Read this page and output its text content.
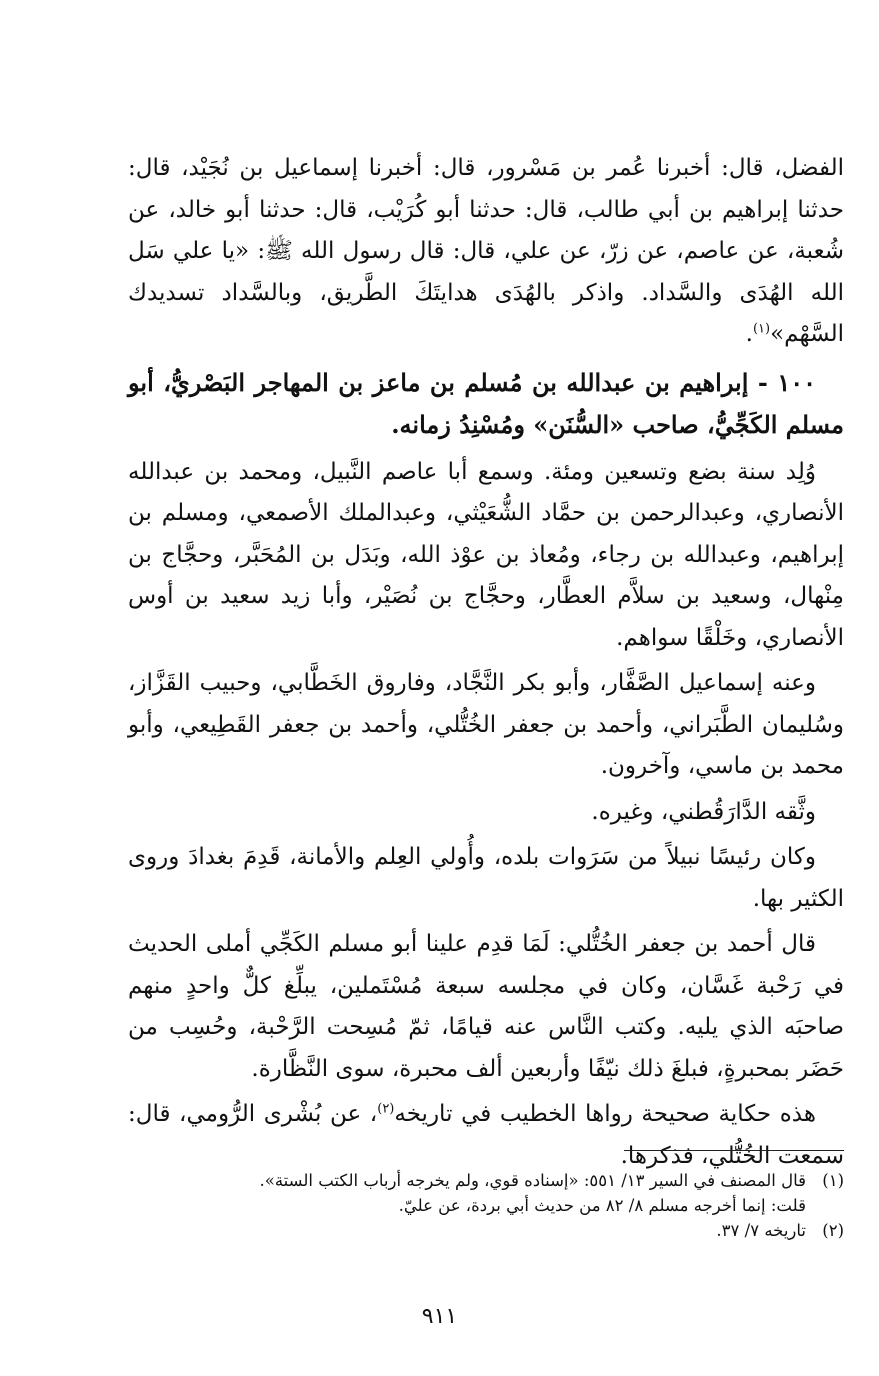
الفضل، قال: أخبرنا عُمر بن مَسْرور، قال: أخبرنا إسماعيل بن نُجَيْد، قال: حدثنا إبراهيم بن أبي طالب، قال: حدثنا أبو كُرَيْب، قال: حدثنا أبو خالد، عن شُعبة، عن عاصم، عن زرّ، عن علي، قال: قال رسول الله ﷺ: «يا علي سَل الله الهُدَى والسَّداد. واذكر بالهُدَى هدايتَكَ الطَّريق، وبالسَّداد تسديدك السَّهْم»$^{(١)}$.

١٠٠ - إبراهيم بن عبدالله بن مُسلم بن ماعز بن المهاجر البَصْريُّ، أبو مسلم الكَجِّيُّ، صاحب «السُّنَن» ومُسْنِدُ زمانه.

وُلِد سنة بضع وتسعين ومئة. وسمع أبا عاصم النَّبيل، ومحمد بن عبدالله الأنصاري، وعبدالرحمن بن حمَّاد الشُّعَيْثي، وعبدالملك الأصمعي، ومسلم بن إبراهيم، وعبدالله بن رجاء، ومُعاذ بن عوْذ الله، وبَدَل بن المُحَبَّر، وحجَّاج بن مِنْهال، وسعيد بن سلاَّم العطَّار، وحجَّاج بن نُصَيْر، وأبا زيد سعيد بن أوس الأنصاري، وخَلْقًا سواهم.

وعنه إسماعيل الصَّفَّار، وأبو بكر النَّجَّاد، وفاروق الخَطَّابي، وحبيب القَزَّاز، وسُليمان الطَّبَراني، وأحمد بن جعفر الخُتُّلي، وأحمد بن جعفر القَطِيعي، وأبو محمد بن ماسي، وآخرون.

وثَّقه الدَّارَقُطني، وغيره.

وكان رئيسًا نبيلاً من سَرَوات بلده، وأُولي العِلم والأمانة، قَدِمَ بغدادَ وروى الكثير بها.

قال أحمد بن جعفر الخُتُّلي: لَمَا قدِم علينا أبو مسلم الكَجِّي أملى الحديث في رَحْبة غَسَّان، وكان في مجلسه سبعة مُسْتَملين، يبلِّغ كلٌّ واحدٍ منهم صاحبَه الذي يليه. وكتب النَّاس عنه قيامًا، ثمّ مُسِحت الرَّحْبة، وحُسِب من حَضَر بمحبرةٍ، فبلغَ ذلك نيّفًا وأربعين ألف محبرة، سوى النَّظَّارة.

هذه حكاية صحيحة رواها الخطيب في تاريخه$^{(٢)}$، عن بُشْرى الرُّومي، قال: سمعت الخُتُّلي، فذكرها.

(١)قال المصنف في السير ١٣/ ٥٥١: «إسناده قوي، ولم يخرجه أرباب الكتب الستة».

قلت: إنما أخرجه مسلم ٨/ ٨٢ من حديث أبي بردة، عن عليّ.

(٢)تاريخه ٧/ ٣٧.

٩١١
